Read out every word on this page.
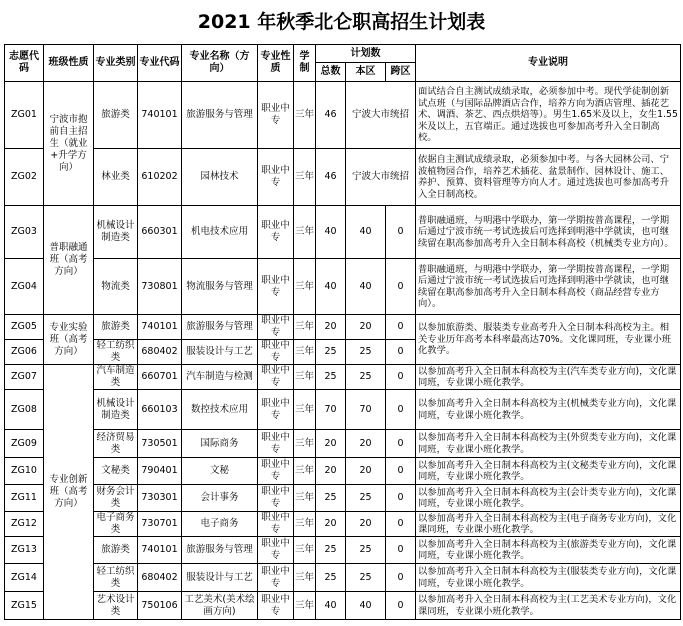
2021 年秋季北仑职高招生计划表
志愿代码	班级性质	专业类别	专业代码	专业名称（方向）	专业性质	学制	计划数			专业说明
							总数	本区	跨区	
ZG01	宁波市抱前自主招生（就业+升学方向）	旅游类	740101	旅游服务与管理	职业中专	三年	46	宁波大市统招		面试结合自主测试成绩录取，必须参加中考。现代学徒制创新试点班（与国际品牌酒店合作，培养方向为酒店管理、插花艺术、调酒、茶艺、西点烘焙等）。男生1.65米及以上，女生1.55米及以上，五官端正。通过选拔也可参加高考升入全日制高校。
ZG02		林业类	610202	园林技术	职业中专	三年	46	宁波大市统招		依据自主测试成绩录取，必须参加中考。与各大园林公司、宁波植物园合作，培养艺术插花、盆景制作、园林设计、施工、养护、预算、资料管理等方向人才。通过选拔也可参加高考升入全日制高校。
ZG03	普职融通班（高考方向）	机械设计制造类	660301	机电技术应用	职业中专	三年	40	40	0	普职融通班，与明港中学联办，第一学期按普高课程，一学期后通过宁波市统一考试选拔后可选择到明港中学就读，也可继续留在职高参加高考升入全日制本科高校（机械类专业方向）。
ZG04		物流类	730801	物流服务与管理	职业中专	三年	40	40	0	普职融通班，与明港中学联办，第一学期按普高课程，一学期后通过宁波市统一考试选拔后可选择到明港中学就读，也可继续留在职高参加高考升入全日制本科高校（商品经营专业方向）。
ZG05	专业实验班（高考方向）	旅游类	740101	旅游服务与管理	职业中专	三年	20	20	0	以参加旅游类、服装类专业高考升入全日制本科高校为主。相关专业历年高考本科率最高达70%。文化课同班，专业课小班化教学。
ZG06		轻工纺织类	680402	服装设计与工艺	职业中专	三年	25	25	0	
ZG07	专业创新班（高考方向）	汽车制造类	660701	汽车制造与检测	职业中专	三年	25	25	0	以参加高考升入全日制本科高校为主(汽车类专业方向)，文化课同班，专业课小班化教学。
ZG08		机械设计制造类	660103	数控技术应用	职业中专	三年	70	70	0	以参加高考升入全日制本科高校为主(机械类专业方向)，文化课同班，专业课小班化教学。
ZG09		经济贸易类	730501	国际商务	职业中专	三年	20	20	0	以参加高考升入全日制本科高校为主(外贸类专业方向)，文化课同班，专业课小班化教学。
ZG10		文秘类	790401	文秘	职业中专	三年	20	20	0	以参加高考升入全日制本科高校为主(文秘类专业方向)，文化课同班，专业课小班化教学。
ZG11		财务会计类	730301	会计事务	职业中专	三年	25	25	0	以参加高考升入全日制本科高校为主(会计类专业方向)，文化课同班，专业课小班化教学。
ZG12		电子商务类	730701	电子商务	职业中专	三年	20	20	0	以参加高考升入全日制本科高校为主(电子商务专业方向)，文化课同班，专业课小班化教学。
ZG13		旅游类	740101	旅游服务与管理	职业中专	三年	25	25	0	以参加高考升入全日制本科高校为主(旅游类专业方向)，文化课同班，专业课小班化教学。
ZG14		轻工纺织类	680402	服装设计与工艺	职业中专	三年	25	25	0	以参加高考升入全日制本科高校为主(服装类专业方向)，文化课同班，专业课小班化教学。
ZG15		艺术设计类	750106	工艺美术(美术绘画方向)	职业中专	三年	40	40	0	以参加高考升入全日制本科高校为主(工艺美术专业方向)，文化课同班，专业课小班化教学。
